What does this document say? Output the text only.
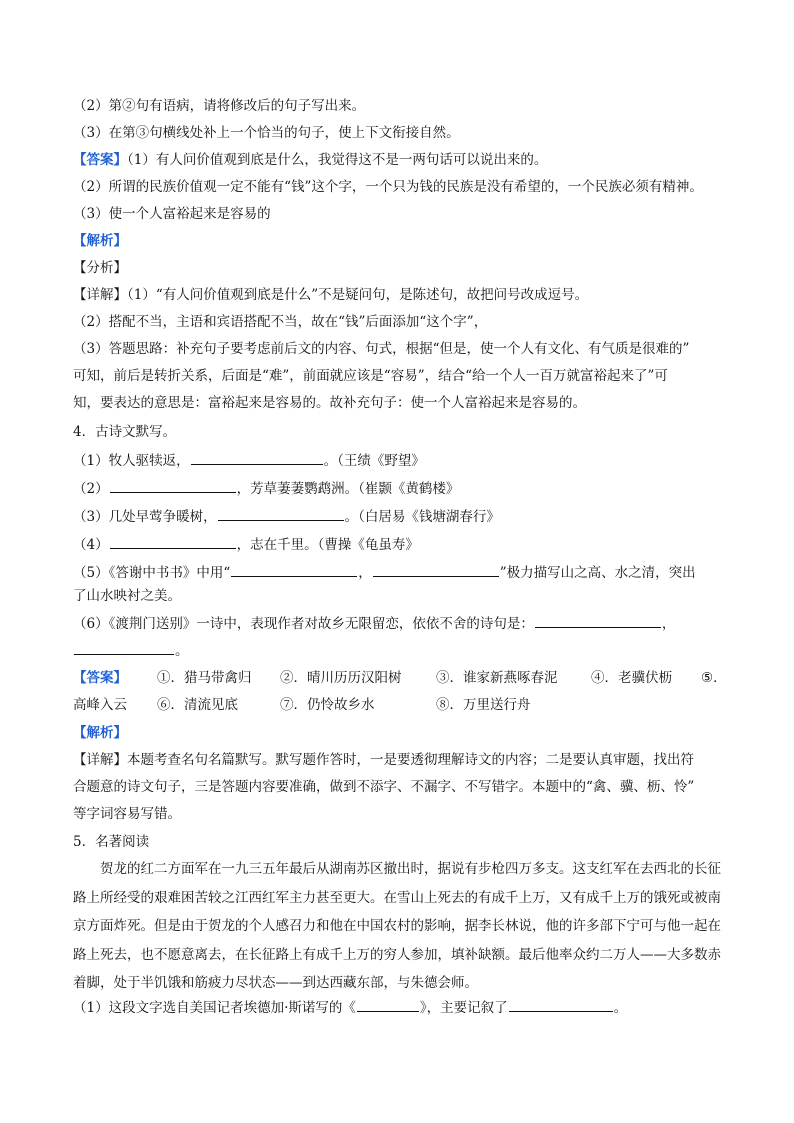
（2）第②句有语病，请将修改后的句子写出来。
（3）在第③句横线处补上一个恰当的句子，使上下文衔接自然。
【答案】（1）有人问价值观到底是什么，我觉得这不是一两句话可以说出来的。
（2）所谓的民族价值观一定不能有“钱”这个字，一个只为钱的民族是没有希望的，一个民族必须有精神。
（3）使一个人富裕起来是容易的
【解析】
【分析】
【详解】（1）“有人问价值观到底是什么”不是疑问句，是陈述句，故把问号改成逗号。
（2）搭配不当，主语和宾语搭配不当，故在“钱”后面添加“这个字”，
（3）答题思路：补充句子要考虑前后文的内容、句式，根据“但是，使一个人有文化、有气质是很难的”
可知，前后是转折关系，后面是“难”，前面就应该是“容易”，结合“给一个人一百万就富裕起来了”可
知，要表达的意思是：富裕起来是容易的。故补充句子：使一个人富裕起来是容易的。
4．古诗文默写。
（1）牧人驱犊返，	。（王绩《野望》
（2）	，芳草萋萋鹦鹉洲。（崔颢《黄鹤楼》
（3）几处早莺争暖树，	。（白居易《钱塘湖春行》
（4）	，志在千里。（曹操《龟虽寿》
（5）《答谢中书书》中用“	，	”极力描写山之高、水之清，突出
了山水映衬之美。
（6）《渡荆门送别》一诗中，表现作者对故乡无限留恋，依依不舍的诗句是：	，
。
【答案】 ①．猎马带禽归 ②．晴川历历汉阳树	③．谁家新燕啄春泥 ④．老骥伏枥 ⑤．
高峰入云 ⑥．清流见底	⑦．仍怜故乡水	⑧．万里送行舟
【解析】
【详解】本题考查名句名篇默写。默写题作答时，一是要透彻理解诗文的内容；二是要认真审题，找出符
合题意的诗文句子，三是答题内容要准确，做到不添字、不漏字、不写错字。本题中的“禽、骥、枥、怜”
等字词容易写错。
5．名著阅读
贺龙的红二方面军在一九三五年最后从湖南苏区撤出时，据说有步枪四万多支。这支红军在去西北的长征路上所经受的艰难困苦较之江西红军主力甚至更大。在雪山上死去的有成千上万，又有成千上万的饿死或被南京方面炸死。但是由于贺龙的个人感召力和他在中国农村的影响，据李长林说，他的许多部下宁可与他一起在路上死去，也不愿意离去，在长征路上有成千上万的穷人参加，填补缺额。最后他率众约二万人——大多数赤着脚，处于半饥饿和筋疲力尽状态——到达西藏东部，与朱德会师。
（1）这段文字选自美国记者埃德加·斯诺写的《	》，主要记叙了	。
